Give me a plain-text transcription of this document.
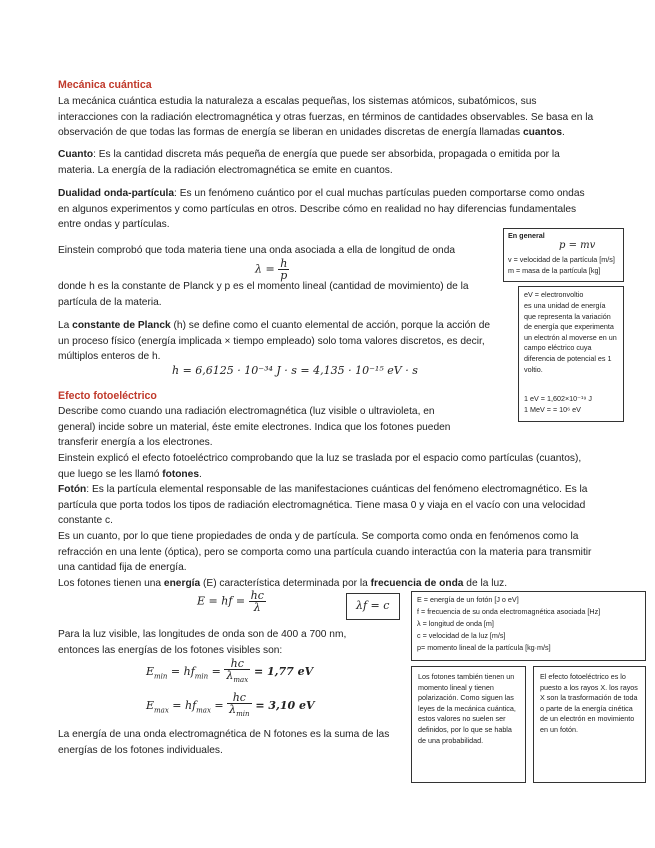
Mecánica cuántica
La mecánica cuántica estudia la naturaleza a escalas pequeñas, los sistemas atómicos, subatómicos, sus interacciones con la radiación electromagnética y otras fuerzas, en términos de cantidades observables. Se basa en la observación de que todas las formas de energía se liberan en unidades discretas de energía llamadas cuantos.
Cuanto: Es la cantidad discreta más pequeña de energía que puede ser absorbida, propagada o emitida por la materia. La energía de la radiación electromagnética se emite en cuantos.
Dualidad onda-partícula: Es un fenómeno cuántico por el cual muchas partículas pueden comportarse como ondas en algunos experimentos y como partículas en otros. Describe cómo en realidad no hay diferencias fundamentales entre ondas y partículas.
Einstein comprobó que toda materia tiene una onda asociada a ella de longitud de onda
$\lambda = \frac{h}{p}$
donde h es la constante de Planck y p es el momento lineal (cantidad de movimiento) de la partícula de la materia.
La constante de Planck (h) se define como el cuanto elemental de acción, porque la acción de un proceso físico (energía implicada × tiempo empleado) solo toma valores discretos, es decir, múltiplos enteros de h.
h = 6,6125 · 10⁻³⁴ J · s = 4,135 · 10⁻¹⁵ eV · s
Efecto fotoeléctrico
Describe como cuando una radiación electromagnética (luz visible o ultravioleta, en general) incide sobre un material, éste emite electrones. Indica que los fotones pueden transferir energía a los electrones.
Einstein explicó el efecto fotoeléctrico comprobando que la luz se traslada por el espacio como partículas (cuantos), que luego se les llamó fotones.
Fotón: Es la partícula elemental responsable de las manifestaciones cuánticas del fenómeno electromagnético. Es la partícula que porta todos los tipos de radiación electromagnética. Tiene masa 0 y viaja en el vacío con una velocidad constante c.
Es un cuanto, por lo que tiene propiedades de onda y de partícula. Se comporta como onda en fenómenos como la refracción en una lente (óptica), pero se comporta como una partícula cuando interactúa con la materia para transmitir una cantidad fija de energía.
Los fotones tienen una energía (E) característica determinada por la frecuencia de onda de la luz.
E = hf = $\frac{hc}{\lambda}$	λf = c
Para la luz visible, las longitudes de onda son de 400 a 700 nm, entonces las energías de los fotones visibles son:
$E_{min} = hf_{min} = \frac{hc}{\lambda_{max}} = 1,77$ eV
$E_{max} = hf_{max} = \frac{hc}{\lambda_{min}} = 3,10$ eV
La energía de una onda electromagnética de N fotones es la suma de las energías de los fotones individuales.
En general
p = mv
v = velocidad de la partícula [m/s]
m = masa de la partícula [kg]
eV = electronvoltio
es una unidad de energía que representa la variación de energía que experimenta un electrón al moverse en un campo eléctrico cuya diferencia de potencial es 1 voltio.
1 eV = 1,602×10⁻¹⁹ J
1 MeV = = 10⁶ eV
E = energía de un fotón [J o eV]
f = frecuencia de su onda electromagnética asociada [Hz]
λ = longitud de onda [m]
c = velocidad de la luz [m/s]
p= momento lineal de la partícula [kg·m/s]
Los fotones también tienen un momento lineal y tienen polarización. Como siguen las leyes de la mecánica cuántica, estos valores no suelen ser definidos, por lo que se habla de una probabilidad.
El efecto fotoeléctrico es lo puesto a los rayos X. los rayos X son la trasformación de toda o parte de la energía cinética de un electrón en movimiento en un fotón.
